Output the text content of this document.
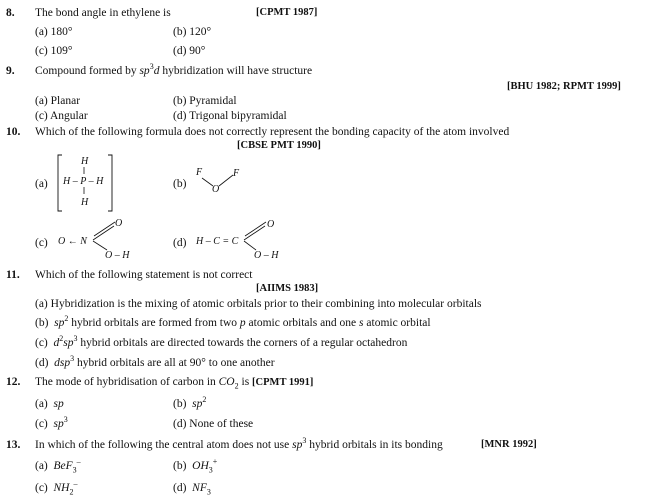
8. The bond angle in ethylene is	[CPMT 1987]
(a) 180°	(b) 120°
(c) 109°	(d) 90°
9. Compound formed by $sp^3d$ hybridization will have structure
[BHU 1982; RPMT 1999]
(a) Planar	(b) Pyramidal
(c) Angular	(d) Trigonal bipyramidal
10. Which of the following formula does not correctly represent the bonding capacity of the atom involved
[CBSE PMT 1990]
(a)
H
H – P – H
H
(b)
F	F
O
(c) O ← N
O
O – H
(d) H – C = C
O
O – H
11. Which of the following statement is not correct
[AIIMS 1983]
(a) Hybridization is the mixing of atomic orbitals prior to their combining into molecular orbitals
(b) $sp^2$ hybrid orbitals are formed from two p atomic orbitals and one s atomic orbital
(c) $d^2sp^3$ hybrid orbitals are directed towards the corners of a regular octahedron
(d) dsp$^3$ hybrid orbitals are all at 90° to one another
12. The mode of hybridisation of carbon in $CO_2$ is [CPMT 1991]
(a) sp	(b) $sp^2$
(c) $sp^3$	(d) None of these
13. In which of the following the central atom does not use $sp^3$ hybrid orbitals in its bonding	[MNR 1992]
(a) BeF$_3$–	(b) $OH_3^+$
(c) $NH_2^-$	(d) $NF_3$
